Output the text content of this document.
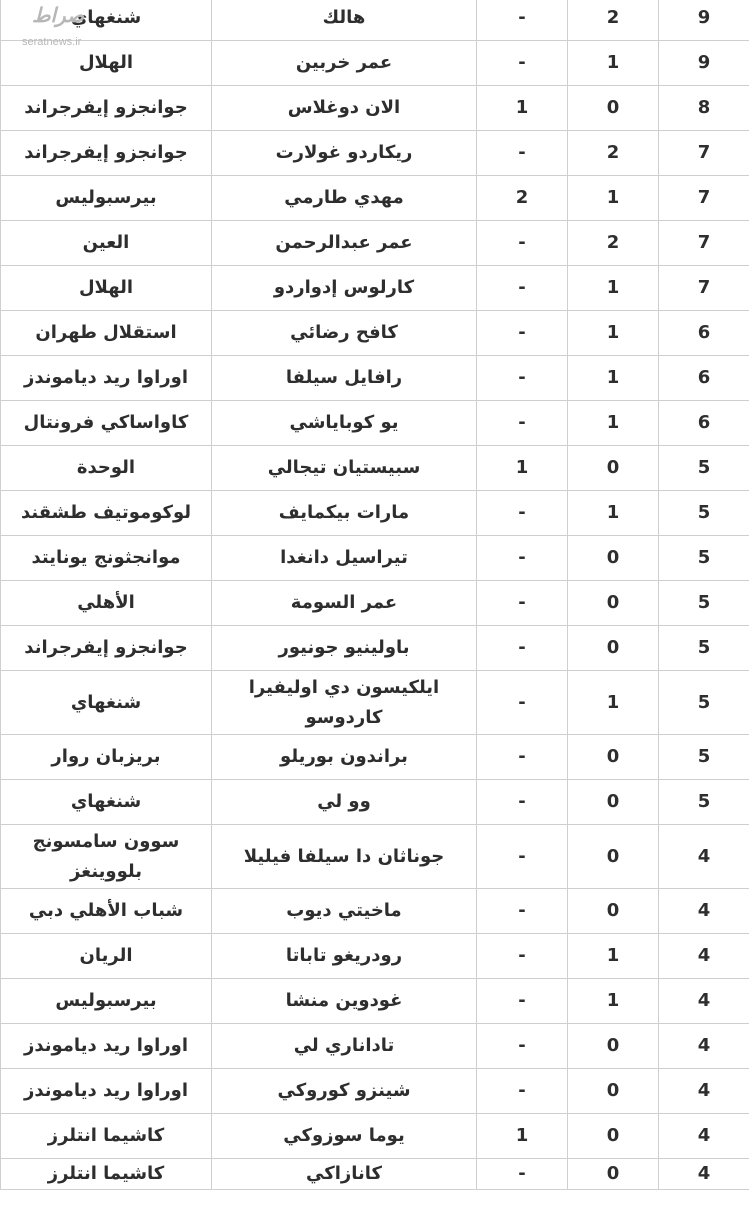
صراط
seratnews.ir
9	2	-	هالك	شنغهاي
9	1	-	عمر خربين	الهلال
8	0	1	الان دوغلاس	جوانجزو إيفرجراند
7	2	-	ريكاردو غولارت	جوانجزو إيفرجراند
7	1	2	مهدي طارمي	بيرسبوليس
7	2	-	عمر عبدالرحمن	العين
7	1	-	كارلوس إدواردو	الهلال
6	1	-	كافح رضائي	استقلال طهران
6	1	-	رافايل سيلفا	اوراوا ريد دياموندز
6	1	-	يو كوباياشي	كاواساكي فرونتال
5	0	1	سبيستيان تيجالي	الوحدة
5	1	-	مارات بيكمايف	لوكوموتيف طشقند
5	0	-	تيراسيل دانغدا	موانجثونج يونايتد
5	0	-	عمر السومة	الأهلي
5	0	-	باولينيو جونيور	جوانجزو إيفرجراند
5	1	-	ايلكيسون دي اوليفيرا كاردوسو	شنغهاي
5	0	-	براندون بوريلو	بريزبان روار
5	0	-	وو لي	شنغهاي
4	0	-	جوناثان دا سيلفا فيليلا	سوون سامسونج بلووينغز
4	0	-	ماخيتي ديوب	شباب الأهلي دبي
4	1	-	رودريغو تاباتا	الريان
4	1	-	غودوين منشا	بيرسبوليس
4	0	-	تاداناري لي	اوراوا ريد دياموندز
4	0	-	شينزو كوروكي	اوراوا ريد دياموندز
4	0	1	يوما سوزوكي	كاشيما انتلرز
4	0	-	كانازاكي	كاشيما انتلرز
